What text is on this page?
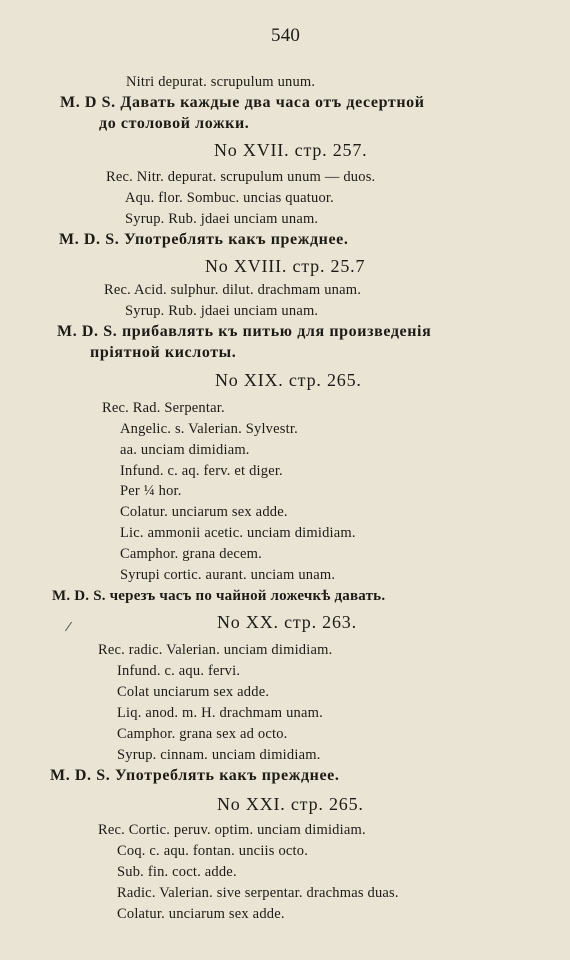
540
Nitri depurat. scrupulum unum.
M. D S. Давать каждые два часа отъ десертной
до столовой ложки.
No XVII. стр. 257.
Rec. Nitr. depurat. scrupulum unum — duos.
Aqu. flor. Sombuc. uncias quatuor.
Syrup. Rub. jdaei unciam unam.
M. D. S. Употреблять какъ прежднее.
No XVIII. стр. 25.7
Rec. Acid. sulphur. dilut. drachmam unam.
Syrup. Rub. jdaei unciam unam.
M. D. S. прибавлять къ питью для произведенія
пріятной кислоты.
No XIX. стр. 265.
Rec. Rad. Serpentar.
Angelic. s. Valerian. Sylvestr.
aa. unciam dimidiam.
Infund. c. aq. ferv. et diger.
Per ¼ hor.
Colatur. unciarum sex adde.
Lic. ammonii acetic. unciam dimidiam.
Camphor. grana decem.
Syrupi cortic. aurant. unciam unam.
M. D. S. черезъ часъ по чайной ложечкѣ давать.
No XX. стр. 263.
Rec. radic. Valerian. unciam dimidiam.
Infund. c. aqu. fervi.
Colat unciarum sex adde.
Liq. anod. m. H. drachmam unam.
Camphor. grana sex ad octo.
Syrup. cinnam. unciam dimidiam.
M. D. S. Употреблять какъ прежднее.
No XXI. стр. 265.
Rec. Cortic. peruv. optim. unciam dimidiam.
Coq. c. aqu. fontan. unciis octo.
Sub. fin. coct. adde.
Radic. Valerian. sive serpentar. drachmas duas.
Colatur. unciarum sex adde.
